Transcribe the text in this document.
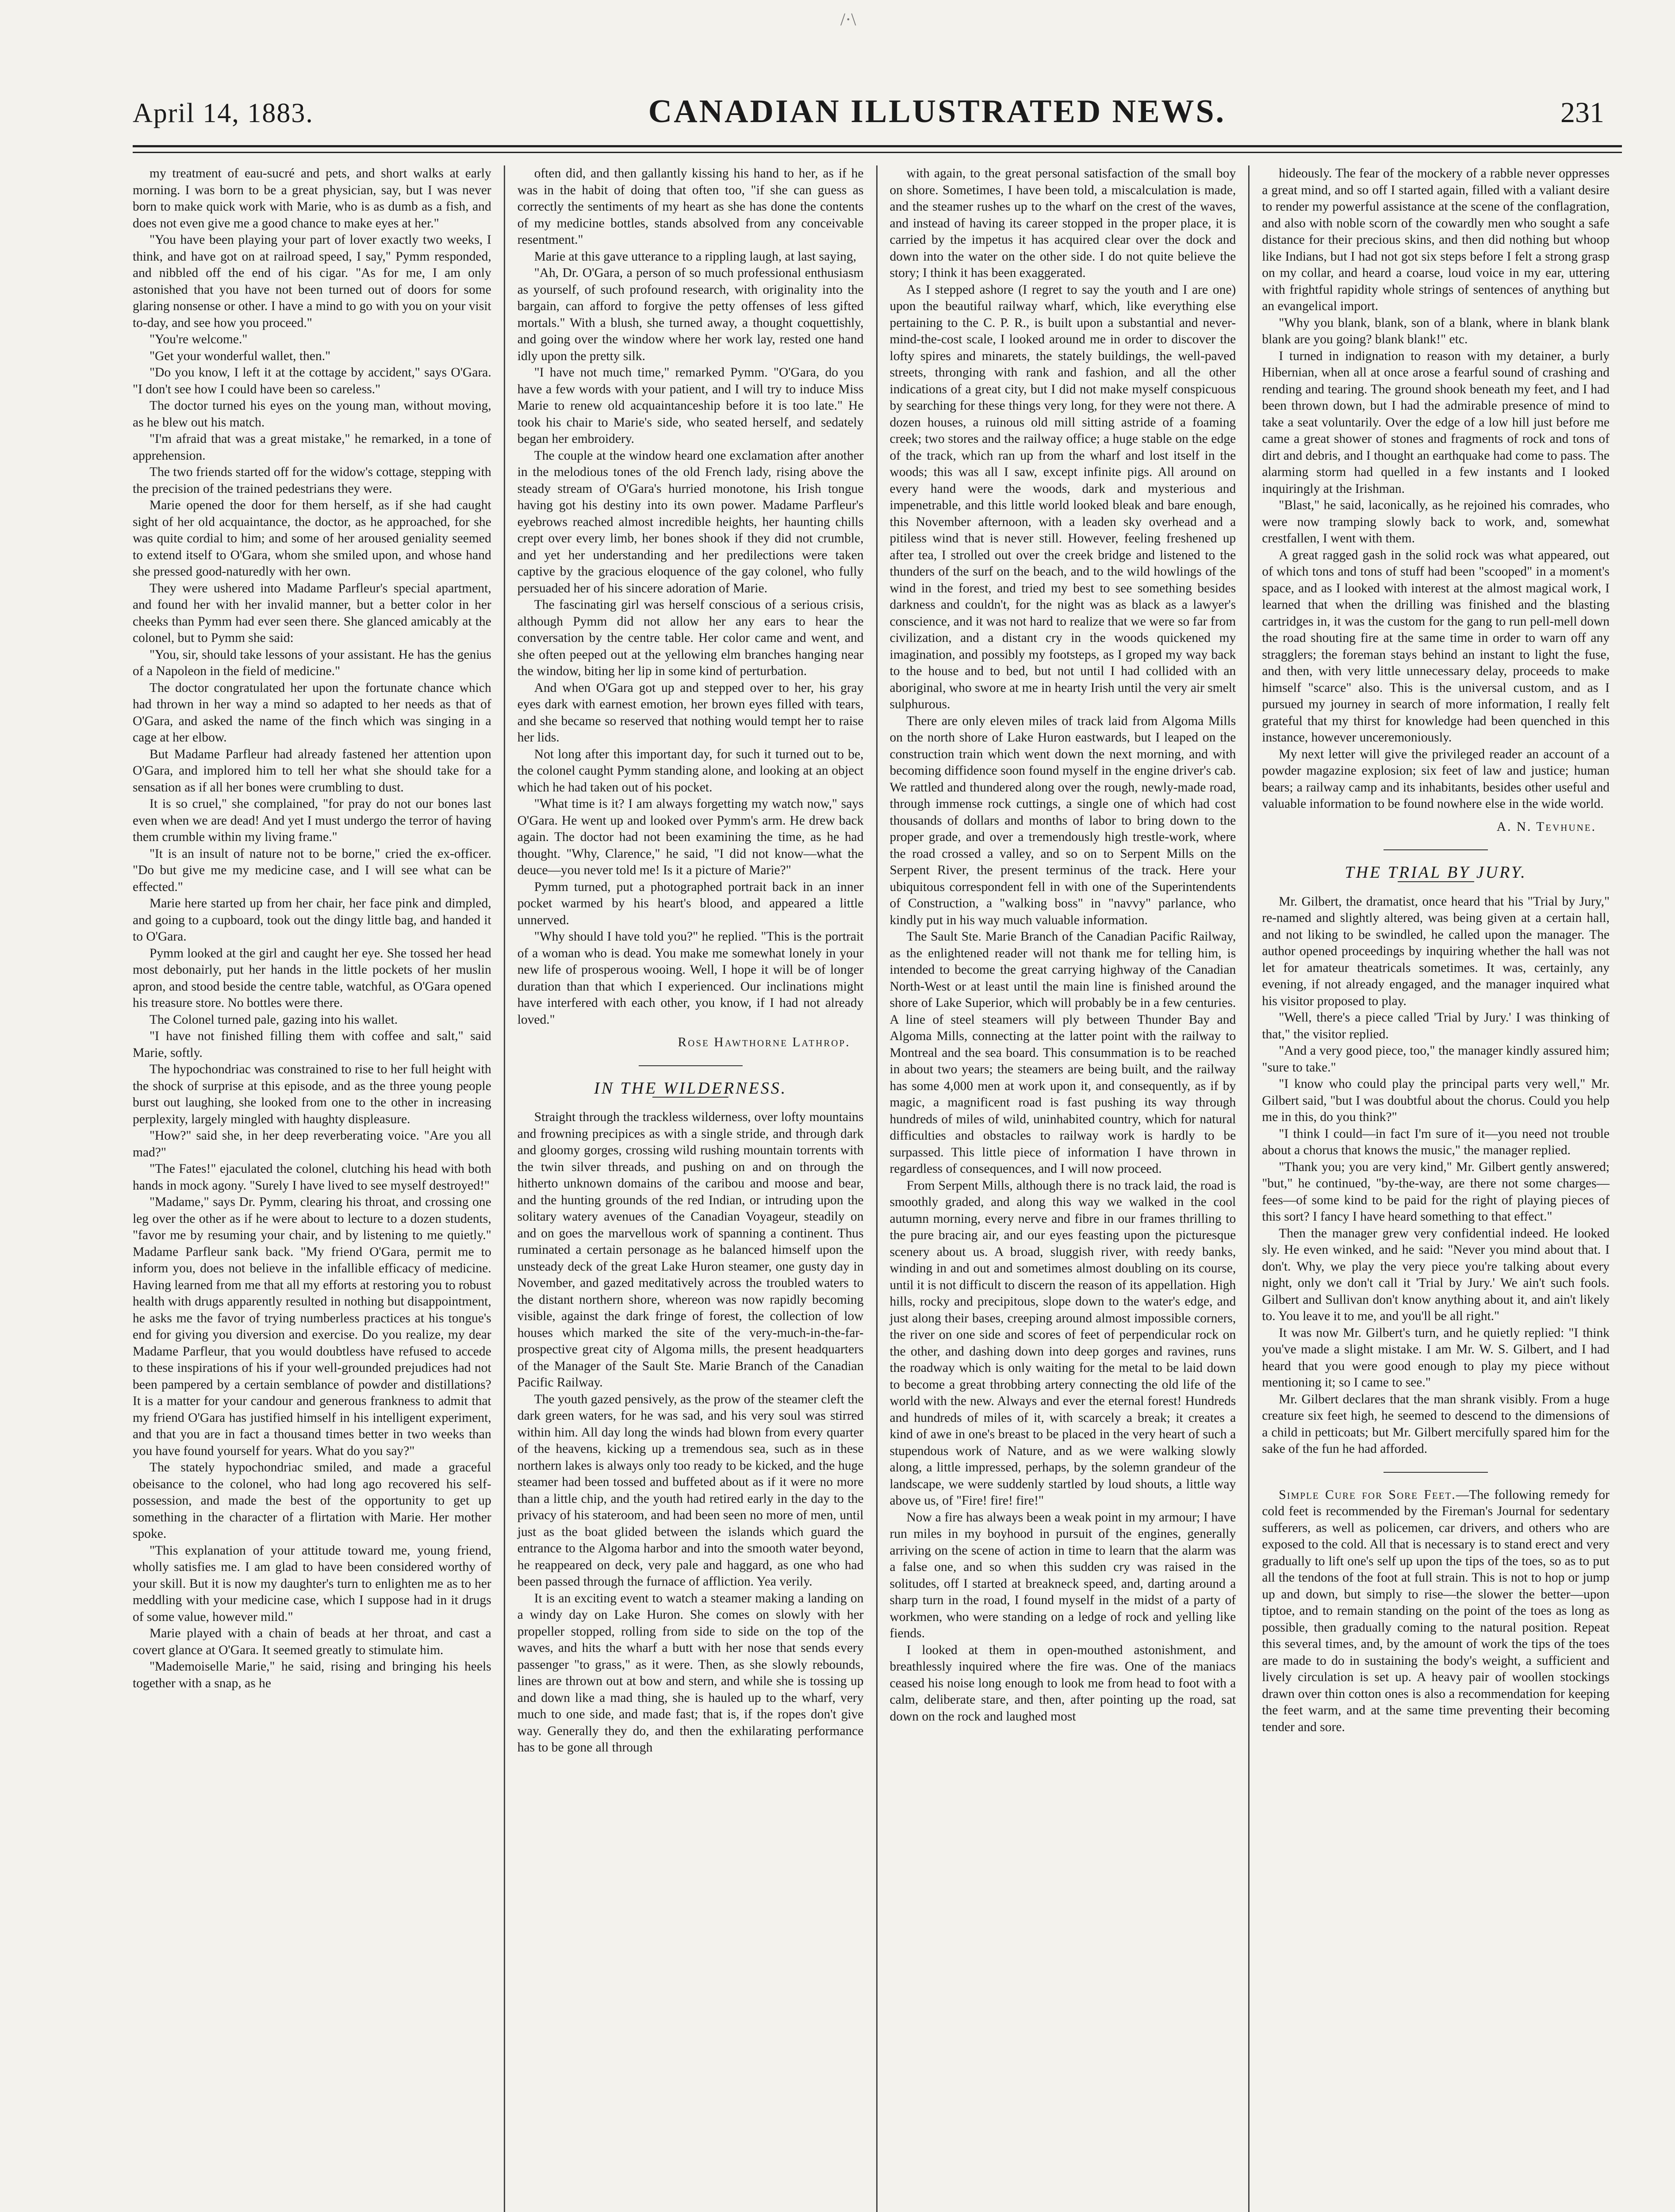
/·\
April 14, 1883.	CANADIAN ILLUSTRATED NEWS.	231

my treatment of eau-sucré and pets, and short walks at early morning. I was born to be a great physician, say, but I was never born to make quick work with Marie, who is as dumb as a fish, and does not even give me a good chance to make eyes at her."

"You have been playing your part of lover exactly two weeks, I think, and have got on at railroad speed, I say," Pymm responded, and nibbled off the end of his cigar. "As for me, I am only astonished that you have not been turned out of doors for some glaring nonsense or other. I have a mind to go with you on your visit to-day, and see how you proceed."

"You're welcome."

"Get your wonderful wallet, then."

"Do you know, I left it at the cottage by accident," says O'Gara. "I don't see how I could have been so careless."

The doctor turned his eyes on the young man, without moving, as he blew out his match.

"I'm afraid that was a great mistake," he remarked, in a tone of apprehension.

The two friends started off for the widow's cottage, stepping with the precision of the trained pedestrians they were.

Marie opened the door for them herself, as if she had caught sight of her old acquaintance, the doctor, as he approached, for she was quite cordial to him; and some of her aroused geniality seemed to extend itself to O'Gara, whom she smiled upon, and whose hand she pressed good-naturedly with her own.

They were ushered into Madame Parfleur's special apartment, and found her with her invalid manner, but a better color in her cheeks than Pymm had ever seen there. She glanced amicably at the colonel, but to Pymm she said:

"You, sir, should take lessons of your assistant. He has the genius of a Napoleon in the field of medicine."

The doctor congratulated her upon the fortunate chance which had thrown in her way a mind so adapted to her needs as that of O'Gara, and asked the name of the finch which was singing in a cage at her elbow.

But Madame Parfleur had already fastened her attention upon O'Gara, and implored him to tell her what she should take for a sensation as if all her bones were crumbling to dust.

It is so cruel," she complained, "for pray do not our bones last even when we are dead! And yet I must undergo the terror of having them crumble within my living frame."

"It is an insult of nature not to be borne," cried the ex-officer. "Do but give me my medicine case, and I will see what can be effected."

Marie here started up from her chair, her face pink and dimpled, and going to a cupboard, took out the dingy little bag, and handed it to O'Gara.

Pymm looked at the girl and caught her eye. She tossed her head most debonairly, put her hands in the little pockets of her muslin apron, and stood beside the centre table, watchful, as O'Gara opened his treasure store. No bottles were there.

The Colonel turned pale, gazing into his wallet.

"I have not finished filling them with coffee and salt," said Marie, softly.

The hypochondriac was constrained to rise to her full height with the shock of surprise at this episode, and as the three young people burst out laughing, she looked from one to the other in increasing perplexity, largely mingled with haughty displeasure.

"How?" said she, in her deep reverberating voice. "Are you all mad?"

"The Fates!" ejaculated the colonel, clutching his head with both hands in mock agony. "Surely I have lived to see myself destroyed!"

"Madame," says Dr. Pymm, clearing his throat, and crossing one leg over the other as if he were about to lecture to a dozen students, "favor me by resuming your chair, and by listening to me quietly." Madame Parfleur sank back. "My friend O'Gara, permit me to inform you, does not believe in the infallible efficacy of medicine. Having learned from me that all my efforts at restoring you to robust health with drugs apparently resulted in nothing but disappointment, he asks me the favor of trying numberless practices at his tongue's end for giving you diversion and exercise. Do you realize, my dear Madame Parfleur, that you would doubtless have refused to accede to these inspirations of his if your well-grounded prejudices had not been pampered by a certain semblance of powder and distillations? It is a matter for your candour and generous frankness to admit that my friend O'Gara has justified himself in his intelligent experiment, and that you are in fact a thousand times better in two weeks than you have found yourself for years. What do you say?"

The stately hypochondriac smiled, and made a graceful obeisance to the colonel, who had long ago recovered his self-possession, and made the best of the opportunity to get up something in the character of a flirtation with Marie. Her mother spoke.

"This explanation of your attitude toward me, young friend, wholly satisfies me. I am glad to have been considered worthy of your skill. But it is now my daughter's turn to enlighten me as to her meddling with your medicine case, which I suppose had in it drugs of some value, however mild."

Marie played with a chain of beads at her throat, and cast a covert glance at O'Gara. It seemed greatly to stimulate him.

"Mademoiselle Marie," he said, rising and bringing his heels together with a snap, as he

often did, and then gallantly kissing his hand to her, as if he was in the habit of doing that often too, "if she can guess as correctly the sentiments of my heart as she has done the contents of my medicine bottles, stands absolved from any conceivable resentment."

Marie at this gave utterance to a rippling laugh, at last saying,

"Ah, Dr. O'Gara, a person of so much professional enthusiasm as yourself, of such profound research, with originality into the bargain, can afford to forgive the petty offenses of less gifted mortals." With a blush, she turned away, a thought coquettishly, and going over the window where her work lay, rested one hand idly upon the pretty silk.

"I have not much time," remarked Pymm. "O'Gara, do you have a few words with your patient, and I will try to induce Miss Marie to renew old acquaintanceship before it is too late." He took his chair to Marie's side, who seated herself, and sedately began her embroidery.

The couple at the window heard one exclamation after another in the melodious tones of the old French lady, rising above the steady stream of O'Gara's hurried monotone, his Irish tongue having got his destiny into its own power. Madame Parfleur's eyebrows reached almost incredible heights, her haunting chills crept over every limb, her bones shook if they did not crumble, and yet her understanding and her predilections were taken captive by the gracious eloquence of the gay colonel, who fully persuaded her of his sincere adoration of Marie.

The fascinating girl was herself conscious of a serious crisis, although Pymm did not allow her any ears to hear the conversation by the centre table. Her color came and went, and she often peeped out at the yellowing elm branches hanging near the window, biting her lip in some kind of perturbation.

And when O'Gara got up and stepped over to her, his gray eyes dark with earnest emotion, her brown eyes filled with tears, and she became so reserved that nothing would tempt her to raise her lids.

Not long after this important day, for such it turned out to be, the colonel caught Pymm standing alone, and looking at an object which he had taken out of his pocket.

"What time is it? I am always forgetting my watch now," says O'Gara. He went up and looked over Pymm's arm. He drew back again. The doctor had not been examining the time, as he had thought. "Why, Clarence," he said, "I did not know—what the deuce—you never told me! Is it a picture of Marie?"

Pymm turned, put a photographed portrait back in an inner pocket warmed by his heart's blood, and appeared a little unnerved.

"Why should I have told you?" he replied. "This is the portrait of a woman who is dead. You make me somewhat lonely in your new life of prosperous wooing. Well, I hope it will be of longer duration than that which I experienced. Our inclinations might have interfered with each other, you know, if I had not already loved."

Rose Hawthorne Lathrop.

IN THE WILDERNESS.

Straight through the trackless wilderness, over lofty mountains and frowning precipices as with a single stride, and through dark and gloomy gorges, crossing wild rushing mountain torrents with the twin silver threads, and pushing on and on through the hitherto unknown domains of the caribou and moose and bear, and the hunting grounds of the red Indian, or intruding upon the solitary watery avenues of the Canadian Voyageur, steadily on and on goes the marvellous work of spanning a continent. Thus ruminated a certain personage as he balanced himself upon the unsteady deck of the great Lake Huron steamer, one gusty day in November, and gazed meditatively across the troubled waters to the distant northern shore, whereon was now rapidly becoming visible, against the dark fringe of forest, the collection of low houses which marked the site of the very-much-in-the-far-prospective great city of Algoma mills, the present headquarters of the Manager of the Sault Ste. Marie Branch of the Canadian Pacific Railway.

The youth gazed pensively, as the prow of the steamer cleft the dark green waters, for he was sad, and his very soul was stirred within him. All day long the winds had blown from every quarter of the heavens, kicking up a tremendous sea, such as in these northern lakes is always only too ready to be kicked, and the huge steamer had been tossed and buffeted about as if it were no more than a little chip, and the youth had retired early in the day to the privacy of his stateroom, and had been seen no more of men, until just as the boat glided between the islands which guard the entrance to the Algoma harbor and into the smooth water beyond, he reappeared on deck, very pale and haggard, as one who had been passed through the furnace of affliction. Yea verily.

It is an exciting event to watch a steamer making a landing on a windy day on Lake Huron. She comes on slowly with her propeller stopped, rolling from side to side on the top of the waves, and hits the wharf a butt with her nose that sends every passenger "to grass," as it were. Then, as she slowly rebounds, lines are thrown out at bow and stern, and while she is tossing up and down like a mad thing, she is hauled up to the wharf, very much to one side, and made fast; that is, if the ropes don't give way. Generally they do, and then the exhilarating performance has to be gone all through

with again, to the great personal satisfaction of the small boy on shore. Sometimes, I have been told, a miscalculation is made, and the steamer rushes up to the wharf on the crest of the waves, and instead of having its career stopped in the proper place, it is carried by the impetus it has acquired clear over the dock and down into the water on the other side. I do not quite believe the story; I think it has been exaggerated.

As I stepped ashore (I regret to say the youth and I are one) upon the beautiful railway wharf, which, like everything else pertaining to the C. P. R., is built upon a substantial and never-mind-the-cost scale, I looked around me in order to discover the lofty spires and minarets, the stately buildings, the well-paved streets, thronging with rank and fashion, and all the other indications of a great city, but I did not make myself conspicuous by searching for these things very long, for they were not there. A dozen houses, a ruinous old mill sitting astride of a foaming creek; two stores and the railway office; a huge stable on the edge of the track, which ran up from the wharf and lost itself in the woods; this was all I saw, except infinite pigs. All around on every hand were the woods, dark and mysterious and impenetrable, and this little world looked bleak and bare enough, this November afternoon, with a leaden sky overhead and a pitiless wind that is never still. However, feeling freshened up after tea, I strolled out over the creek bridge and listened to the thunders of the surf on the beach, and to the wild howlings of the wind in the forest, and tried my best to see something besides darkness and couldn't, for the night was as black as a lawyer's conscience, and it was not hard to realize that we were so far from civilization, and a distant cry in the woods quickened my imagination, and possibly my footsteps, as I groped my way back to the house and to bed, but not until I had collided with an aboriginal, who swore at me in hearty Irish until the very air smelt sulphurous.

There are only eleven miles of track laid from Algoma Mills on the north shore of Lake Huron eastwards, but I leaped on the construction train which went down the next morning, and with becoming diffidence soon found myself in the engine driver's cab. We rattled and thundered along over the rough, newly-made road, through immense rock cuttings, a single one of which had cost thousands of dollars and months of labor to bring down to the proper grade, and over a tremendously high trestle-work, where the road crossed a valley, and so on to Serpent Mills on the Serpent River, the present terminus of the track. Here your ubiquitous correspondent fell in with one of the Superintendents of Construction, a "walking boss" in "navvy" parlance, who kindly put in his way much valuable information.

The Sault Ste. Marie Branch of the Canadian Pacific Railway, as the enlightened reader will not thank me for telling him, is intended to become the great carrying highway of the Canadian North-West or at least until the main line is finished around the shore of Lake Superior, which will probably be in a few centuries. A line of steel steamers will ply between Thunder Bay and Algoma Mills, connecting at the latter point with the railway to Montreal and the sea board. This consummation is to be reached in about two years; the steamers are being built, and the railway has some 4,000 men at work upon it, and consequently, as if by magic, a magnificent road is fast pushing its way through hundreds of miles of wild, uninhabited country, which for natural difficulties and obstacles to railway work is hardly to be surpassed. This little piece of information I have thrown in regardless of consequences, and I will now proceed.

From Serpent Mills, although there is no track laid, the road is smoothly graded, and along this way we walked in the cool autumn morning, every nerve and fibre in our frames thrilling to the pure bracing air, and our eyes feasting upon the picturesque scenery about us. A broad, sluggish river, with reedy banks, winding in and out and sometimes almost doubling on its course, until it is not difficult to discern the reason of its appellation. High hills, rocky and precipitous, slope down to the water's edge, and just along their bases, creeping around almost impossible corners, the river on one side and scores of feet of perpendicular rock on the other, and dashing down into deep gorges and ravines, runs the roadway which is only waiting for the metal to be laid down to become a great throbbing artery connecting the old life of the world with the new. Always and ever the eternal forest! Hundreds and hundreds of miles of it, with scarcely a break; it creates a kind of awe in one's breast to be placed in the very heart of such a stupendous work of Nature, and as we were walking slowly along, a little impressed, perhaps, by the solemn grandeur of the landscape, we were suddenly startled by loud shouts, a little way above us, of "Fire! fire! fire!"

Now a fire has always been a weak point in my armour; I have run miles in my boyhood in pursuit of the engines, generally arriving on the scene of action in time to learn that the alarm was a false one, and so when this sudden cry was raised in the solitudes, off I started at breakneck speed, and, darting around a sharp turn in the road, I found myself in the midst of a party of workmen, who were standing on a ledge of rock and yelling like fiends.

I looked at them in open-mouthed astonishment, and breathlessly inquired where the fire was. One of the maniacs ceased his noise long enough to look me from head to foot with a calm, deliberate stare, and then, after pointing up the road, sat down on the rock and laughed most

hideously. The fear of the mockery of a rabble never oppresses a great mind, and so off I started again, filled with a valiant desire to render my powerful assistance at the scene of the conflagration, and also with noble scorn of the cowardly men who sought a safe distance for their precious skins, and then did nothing but whoop like Indians, but I had not got six steps before I felt a strong grasp on my collar, and heard a coarse, loud voice in my ear, uttering with frightful rapidity whole strings of sentences of anything but an evangelical import.

"Why you blank, blank, son of a blank, where in blank blank blank are you going? blank blank!" etc.

I turned in indignation to reason with my detainer, a burly Hibernian, when all at once arose a fearful sound of crashing and rending and tearing. The ground shook beneath my feet, and I had been thrown down, but I had the admirable presence of mind to take a seat voluntarily. Over the edge of a low hill just before me came a great shower of stones and fragments of rock and tons of dirt and debris, and I thought an earthquake had come to pass. The alarming storm had quelled in a few instants and I looked inquiringly at the Irishman.

"Blast," he said, laconically, as he rejoined his comrades, who were now tramping slowly back to work, and, somewhat crestfallen, I went with them.

A great ragged gash in the solid rock was what appeared, out of which tons and tons of stuff had been "scooped" in a moment's space, and as I looked with interest at the almost magical work, I learned that when the drilling was finished and the blasting cartridges in, it was the custom for the gang to run pell-mell down the road shouting fire at the same time in order to warn off any stragglers; the foreman stays behind an instant to light the fuse, and then, with very little unnecessary delay, proceeds to make himself "scarce" also. This is the universal custom, and as I pursued my journey in search of more information, I really felt grateful that my thirst for knowledge had been quenched in this instance, however unceremoniously.

My next letter will give the privileged reader an account of a powder magazine explosion; six feet of law and justice; human bears; a railway camp and its inhabitants, besides other useful and valuable information to be found nowhere else in the wide world.

A. N. Tevhune.

THE TRIAL BY JURY.

Mr. Gilbert, the dramatist, once heard that his "Trial by Jury," re-named and slightly altered, was being given at a certain hall, and not liking to be swindled, he called upon the manager. The author opened proceedings by inquiring whether the hall was not let for amateur theatricals sometimes. It was, certainly, any evening, if not already engaged, and the manager inquired what his visitor proposed to play.

"Well, there's a piece called 'Trial by Jury.' I was thinking of that," the visitor replied.

"And a very good piece, too," the manager kindly assured him; "sure to take."

"I know who could play the principal parts very well," Mr. Gilbert said, "but I was doubtful about the chorus. Could you help me in this, do you think?"

"I think I could—in fact I'm sure of it—you need not trouble about a chorus that knows the music," the manager replied.

"Thank you; you are very kind," Mr. Gilbert gently answered; "but," he continued, "by-the-way, are there not some charges—fees—of some kind to be paid for the right of playing pieces of this sort? I fancy I have heard something to that effect."

Then the manager grew very confidential indeed. He looked sly. He even winked, and he said: "Never you mind about that. I don't. Why, we play the very piece you're talking about every night, only we don't call it 'Trial by Jury.' We ain't such fools. Gilbert and Sullivan don't know anything about it, and ain't likely to. You leave it to me, and you'll be all right."

It was now Mr. Gilbert's turn, and he quietly replied: "I think you've made a slight mistake. I am Mr. W. S. Gilbert, and I had heard that you were good enough to play my piece without mentioning it; so I came to see."

Mr. Gilbert declares that the man shrank visibly. From a huge creature six feet high, he seemed to descend to the dimensions of a child in petticoats; but Mr. Gilbert mercifully spared him for the sake of the fun he had afforded.

Simple Cure for Sore Feet.—The following remedy for cold feet is recommended by the Fireman's Journal for sedentary sufferers, as well as policemen, car drivers, and others who are exposed to the cold. All that is necessary is to stand erect and very gradually to lift one's self up upon the tips of the toes, so as to put all the tendons of the foot at full strain. This is not to hop or jump up and down, but simply to rise—the slower the better—upon tiptoe, and to remain standing on the point of the toes as long as possible, then gradually coming to the natural position. Repeat this several times, and, by the amount of work the tips of the toes are made to do in sustaining the body's weight, a sufficient and lively circulation is set up. A heavy pair of woollen stockings drawn over thin cotton ones is also a recommendation for keeping the feet warm, and at the same time preventing their becoming tender and sore.
